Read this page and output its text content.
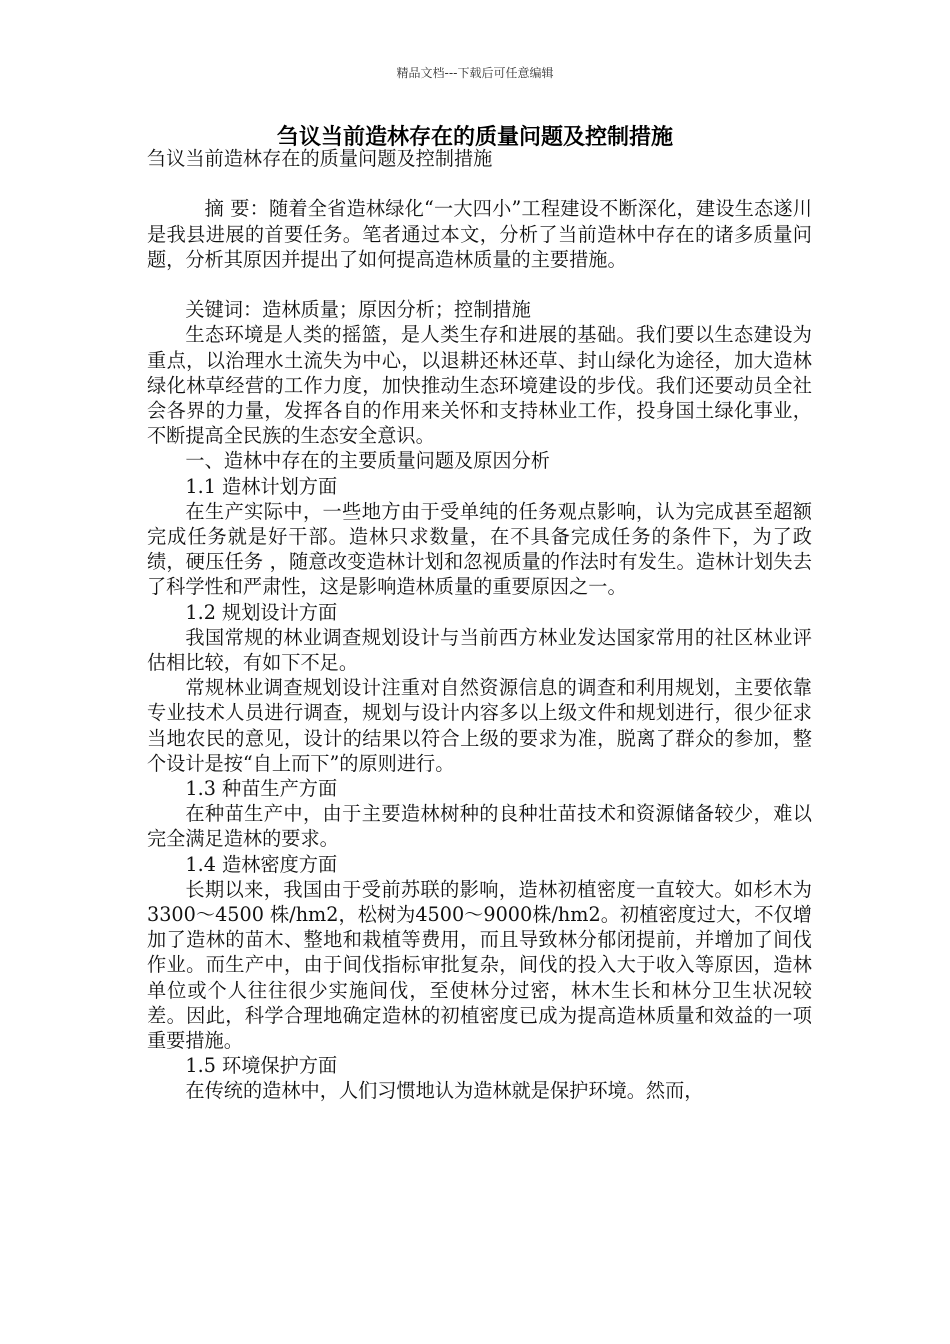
精品文档---下载后可任意编辑
刍议当前造林存在的质量问题及控制措施

刍议当前造林存在的质量问题及控制措施

摘 要：随着全省造林绿化“一大四小”工程建设不断深化，建设生态遂川是我县进展的首要任务。笔者通过本文，分析了当前造林中存在的诸多质量问题，分析其原因并提出了如何提高造林质量的主要措施。

关键词：造林质量；原因分析；控制措施

生态环境是人类的摇篮，是人类生存和进展的基础。我们要以生态建设为重点，以治理水土流失为中心，以退耕还林还草、封山绿化为途径，加大造林绿化林草经营的工作力度，加快推动生态环境建设的步伐。我们还要动员全社会各界的力量，发挥各自的作用来关怀和支持林业工作，投身国土绿化事业，不断提高全民族的生态安全意识。

一、造林中存在的主要质量问题及原因分析

1.1 造林计划方面

在生产实际中，一些地方由于受单纯的任务观点影响，认为完成甚至超额完成任务就是好干部。造林只求数量，在不具备完成任务的条件下，为了政绩，硬压任务 ，随意改变造林计划和忽视质量的作法时有发生。造林计划失去了科学性和严肃性，这是影响造林质量的重要原因之一。

1.2 规划设计方面

我国常规的林业调查规划设计与当前西方林业发达国家常用的社区林业评估相比较，有如下不足。

常规林业调查规划设计注重对自然资源信息的调查和利用规划，主要依靠专业技术人员进行调查，规划与设计内容多以上级文件和规划进行，很少征求当地农民的意见，设计的结果以符合上级的要求为准，脱离了群众的参加，整个设计是按“自上而下”的原则进行。

1.3 种苗生产方面

在种苗生产中，由于主要造林树种的良种壮苗技术和资源储备较少，难以完全满足造林的要求。

1.4 造林密度方面

长期以来，我国由于受前苏联的影响，造林初植密度一直较大。如杉木为3300～4500 株/hm2，松树为4500～9000株/hm2。初植密度过大，不仅增加了造林的苗木、整地和栽植等费用，而且导致林分郁闭提前，并增加了间伐作业。而生产中，由于间伐指标审批复杂，间伐的投入大于收入等原因，造林单位或个人往往很少实施间伐，至使林分过密，林木生长和林分卫生状况较差。因此，科学合理地确定造林的初植密度已成为提高造林质量和效益的一项重要措施。

1.5 环境保护方面

在传统的造林中，人们习惯地认为造林就是保护环境。然而，
